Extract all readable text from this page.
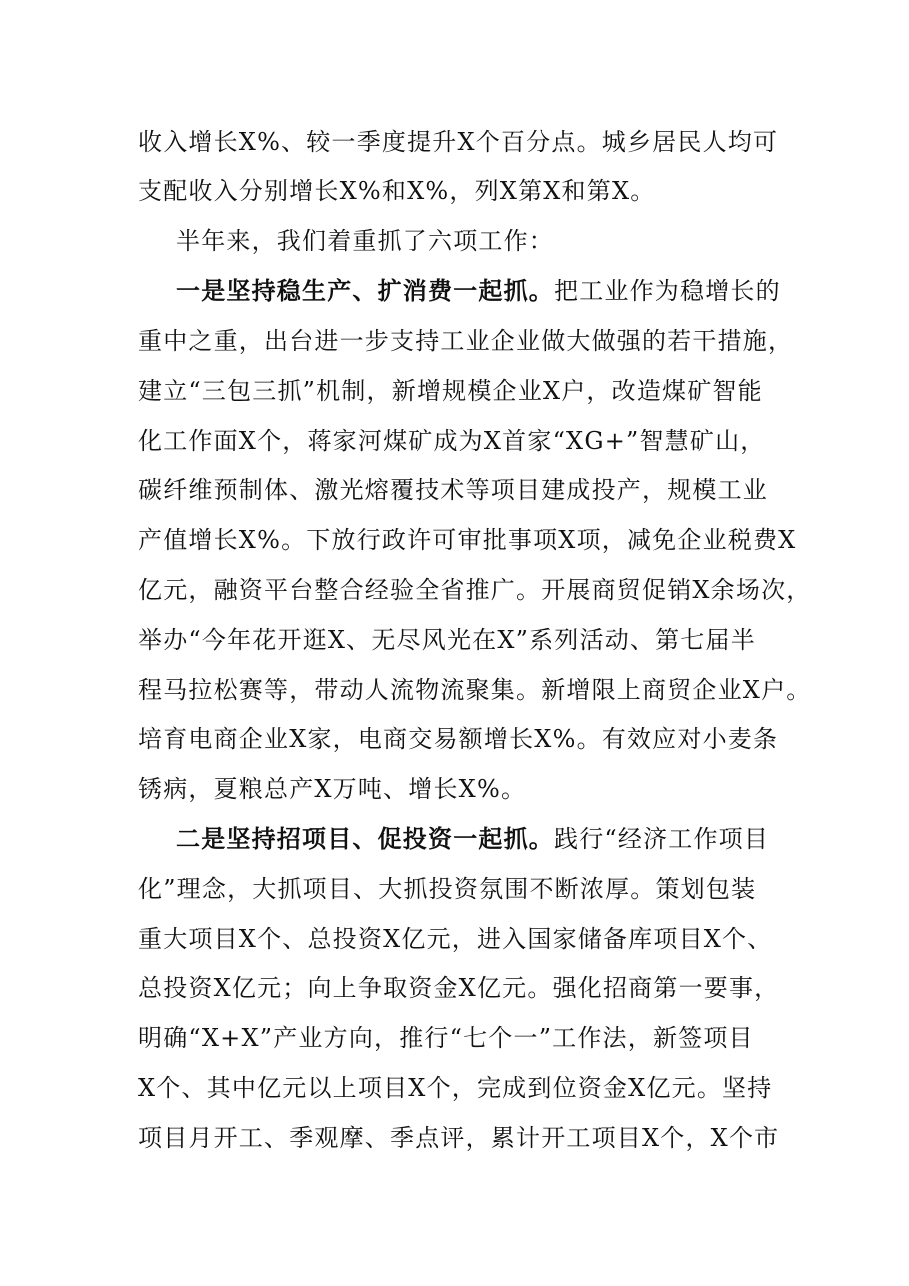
收入增长X%、较一季度提升X个百分点。城乡居民人均可
支配收入分别增长X%和X%，列X第X和第X。
半年来，我们着重抓了六项工作：
一是坚持稳生产、扩消费一起抓。把工业作为稳增长的
重中之重，出台进一步支持工业企业做大做强的若干措施，
建立“三包三抓”机制，新增规模企业X户，改造煤矿智能
化工作面X个，蒋家河煤矿成为X首家“XG+”智慧矿山，
碳纤维预制体、激光熔覆技术等项目建成投产，规模工业
产值增长X%。下放行政许可审批事项X项，减免企业税费X
亿元，融资平台整合经验全省推广。开展商贸促销X余场次，
举办“今年花开逛X、无尽风光在X”系列活动、第七届半
程马拉松赛等，带动人流物流聚集。新增限上商贸企业X户。
培育电商企业X家，电商交易额增长X%。有效应对小麦条
锈病，夏粮总产X万吨、增长X%。
二是坚持招项目、促投资一起抓。践行“经济工作项目
化”理念，大抓项目、大抓投资氛围不断浓厚。策划包装
重大项目X个、总投资X亿元，进入国家储备库项目X个、
总投资X亿元；向上争取资金X亿元。强化招商第一要事，
明确“X+X”产业方向，推行“七个一”工作法，新签项目
X个、其中亿元以上项目X个，完成到位资金X亿元。坚持
项目月开工、季观摩、季点评，累计开工项目X个，X个市
